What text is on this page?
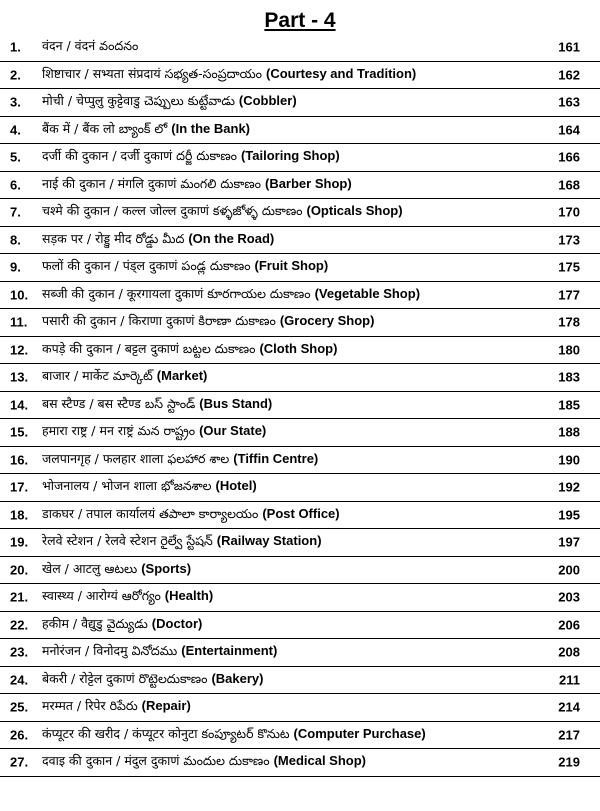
Part - 4
1. वंदन / वंदनं వందనం	161
2. शिष्टाचार / सभ्यता संप्रदायं సభ్యత-సంప్రదాయం (Courtesy and Tradition)	162
3. मोची / चेप्पुलु कुट्टेवाडु చెప్పులు కుట్టేవాడు (Cobbler)	163
4. बैंक में / बैंक लो బ్యాంక్ లో (In the Bank)	164
5. दर्जी की दुकान / दर्जी दुकाणं దర్జీ దుకాణం (Tailoring Shop)	166
6. नाई की दुकान / मंगलि दुकाणं మంగలి దుకాణం (Barber Shop)	168
7. चश्मे की दुकान / कल्ल जोल्ल दुकाणं కళ్ళజోళ్ళ దుకాణం (Opticals Shop)	170
8. सड़क पर / रोड्डु मीद రోడ్డు మీద (On the Road)	173
9. फलों की दुकान / पंड्ल दुकाणं పండ్ల దుకాణం (Fruit Shop)	175
10. सब्जी की दुकान / कूरगायला दुकाणं కూరగాయల దుకాణం (Vegetable Shop)	177
11. पसारी की दुकान / किराणा दुकाणं కిరాణా దుకాణం (Grocery Shop)	178
12. कपड़े की दुकान / बट्टल दुकाणं బట్టల దుకాణం (Cloth Shop)	180
13. बाजार / मार्केट మార్కెట్ (Market)	183
14. बस स्टैण्ड / बस स्टैण्ड బస్ స్టాండ్ (Bus Stand)	185
15. हमारा राष्ट्र / मन राष्ट्रं మన రాష్ట్రం (Our State)	188
16. जलपानगृह / फलहार शाला ఫలహార శాల (Tiffin Centre)	190
17. भोजनालय / भोजन शाला భోజనశాల (Hotel)	192
18. डाकघर / तपाल कार्यालयं తపాలా కార్యాలయం (Post Office)	195
19. रेलवे स्टेशन / रेलवे स्टेशन రైల్వే స్టేషన్ (Railway Station)	197
20. खेल / आटलु ఆటలు (Sports)	200
21. स्वास्थ्य / आरोग्यं ఆరోగ్యం (Health)	203
22. हकीम / वैद्युडु వైద్యుడు (Doctor)	206
23. मनोरंजन / विनोदमु వినోదము (Entertainment)	208
24. बेकरी / रोट्टेल दुकाणं రొట్టెలదుకాణం (Bakery)	211
25. मरम्मत / रिपेर రిపేరు (Repair)	214
26. कंप्यूटर की खरीद / कंप्यूटर कोनुटा కంప్యూటర్ కొనుట (Computer Purchase)	217
27. दवाइ की दुकान / मंदुल दुकाणं మందుల దుకాణం (Medical Shop)	219
